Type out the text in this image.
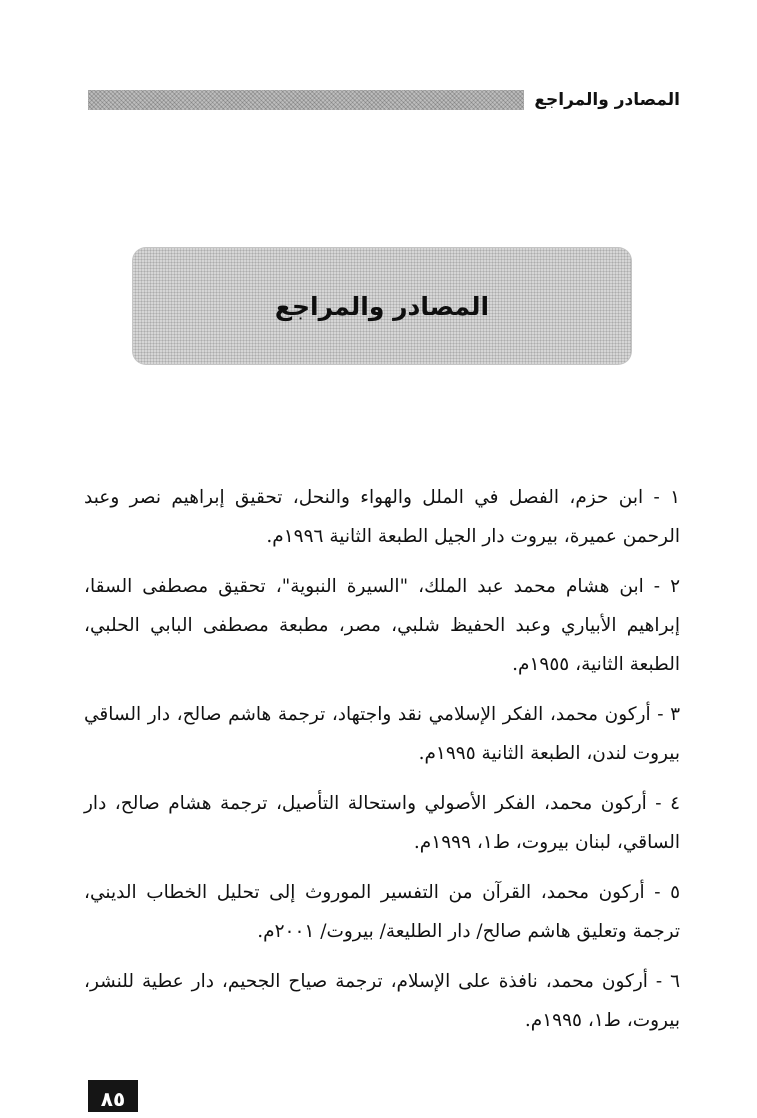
المصادر والمراجع
المصادر والمراجع

١ - ابن حزم، الفصل في الملل والهواء والنحل، تحقيق إبراهيم نصر وعبد الرحمن عميرة، بيروت دار الجيل الطبعة الثانية ١٩٩٦م.

٢ - ابن هشام محمد عبد الملك، "السيرة النبوية"، تحقيق مصطفى السقا، إبراهيم الأبياري وعبد الحفيظ شلبي، مصر، مطبعة مصطفى البابي الحلبي، الطبعة الثانية، ١٩٥٥م.

٣ - أركون محمد، الفكر الإسلامي نقد واجتهاد، ترجمة هاشم صالح، دار الساقي بيروت لندن، الطبعة الثانية ١٩٩٥م.

٤ - أركون محمد، الفكر الأصولي واستحالة التأصيل، ترجمة هشام صالح، دار الساقي، لبنان بيروت، ط١، ١٩٩٩م.

٥ - أركون محمد، القرآن من التفسير الموروث إلى تحليل الخطاب الديني، ترجمة وتعليق هاشم صالح/ دار الطليعة/ بيروت/ ٢٠٠١م.

٦ - أركون محمد، نافذة على الإسلام، ترجمة صياح الجحيم، دار عطية للنشر، بيروت، ط١، ١٩٩٥م.

٨٥
